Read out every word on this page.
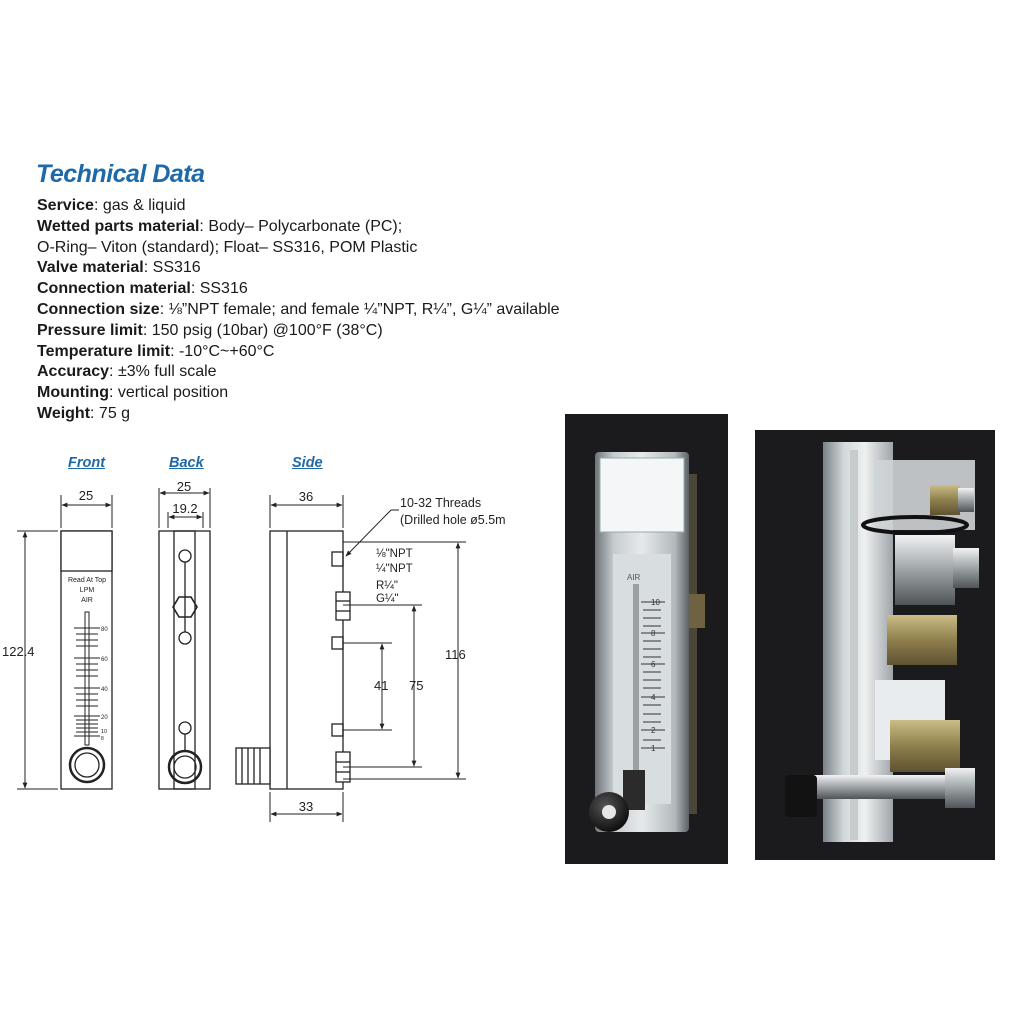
Technical Data
Service: gas & liquid
Wetted parts material: Body– Polycarbonate (PC);
O-Ring– Viton (standard); Float– SS316, POM Plastic
Valve material: SS316
Connection material: SS316
Connection size: ⅛”NPT female; and female ¼”NPT, R¼”, G¼” available
Pressure limit: 150 psig (10bar) @100°F (38°C)
Temperature limit: -10°C~+60°C
Accuracy: ±3% full scale
Mounting: vertical position
Weight: 75 g
Front	Back	Side
Read At Top
LPM
AIR
80
60
40
20
10
8
25
122.4
25
19.2
36
33
41 75
116
10-32 Threads
(Drilled hole ø5.5m
⅛"NPT
¼"NPT
R¼"
G¼"
AIR
10
8
6
4
2
1
